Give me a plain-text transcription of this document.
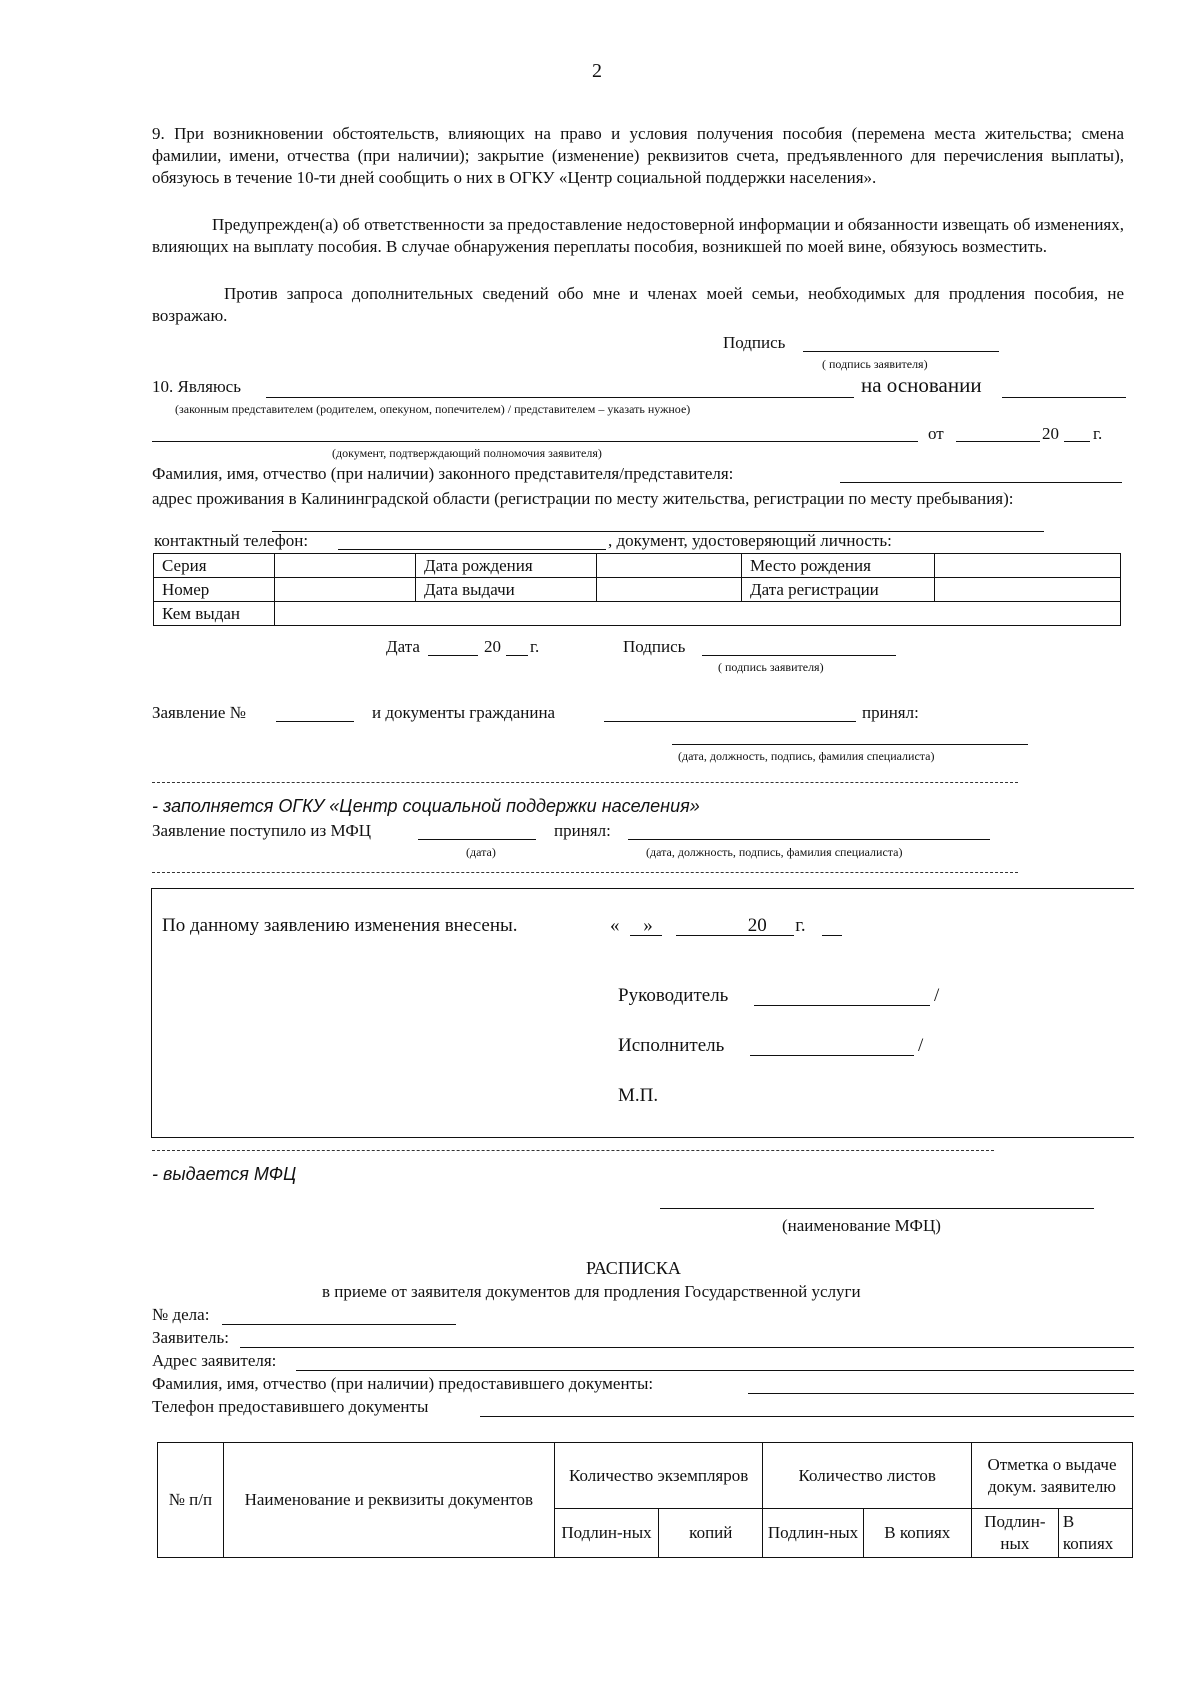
2
9. При возникновении обстоятельств, влияющих на право и условия получения пособия (перемена места жительства; смена фамилии, имени, отчества (при наличии); закрытие (изменение) реквизитов счета, предъявленного для перечисления выплаты), обязуюсь в течение 10-ти дней сообщить о них в ОГКУ «Центр социальной поддержки населения».
Предупрежден(а) об ответственности за предоставление недостоверной информации и обязанности извещать об изменениях, влияющих на выплату пособия. В случае обнаружения переплаты пособия, возникшей по моей вине, обязуюсь возместить.
Против запроса дополнительных сведений обо мне и членах моей семьи, необходимых для продления пособия, не возражаю.
Подпись
( подпись заявителя)
10. Являюсь	на основании
(законным представителем (родителем, опекуном, попечителем) / представителем – указать нужное)
от	20 г.
(документ, подтверждающий полномочия заявителя)
Фамилия, имя, отчество (при наличии) законного представителя/представителя:
адрес проживания в Калининградской области (регистрации по месту жительства, регистрации по месту пребывания):
контактный телефон:	, документ, удостоверяющий личность:
Серия		Дата рождения		Место рождения	
Номер		Дата выдачи		Дата регистрации	
Кем выдан					
Дата	20 г.	Подпись
( подпись заявителя)
Заявление №	и документы гражданина	принял:
(дата, должность, подпись, фамилия специалиста)
- заполняется ОГКУ «Центр социальной поддержки населения»
Заявление поступило из МФЦ	принял:
(дата)	(дата, должность, подпись, фамилия специалиста)
По данному заявлению изменения внесены.	«     »                    20      г.
Руководитель	/
Исполнитель	/
М.П.
- выдается МФЦ
(наименование МФЦ)
РАСПИСКА
в приеме от заявителя документов для продления Государственной услуги
№ дела:
Заявитель:
Адрес заявителя:
Фамилия, имя, отчество (при наличии) предоставившего документы:
Телефон предоставившего документы
№ п/п	Наименование и реквизиты документов	Количество экземпляров		Количество листов		Отметка о выдаче докум. заявителю	
		Подлин-ных	копий	Подлин-ных	В копиях	Подлин-ных	В копиях
